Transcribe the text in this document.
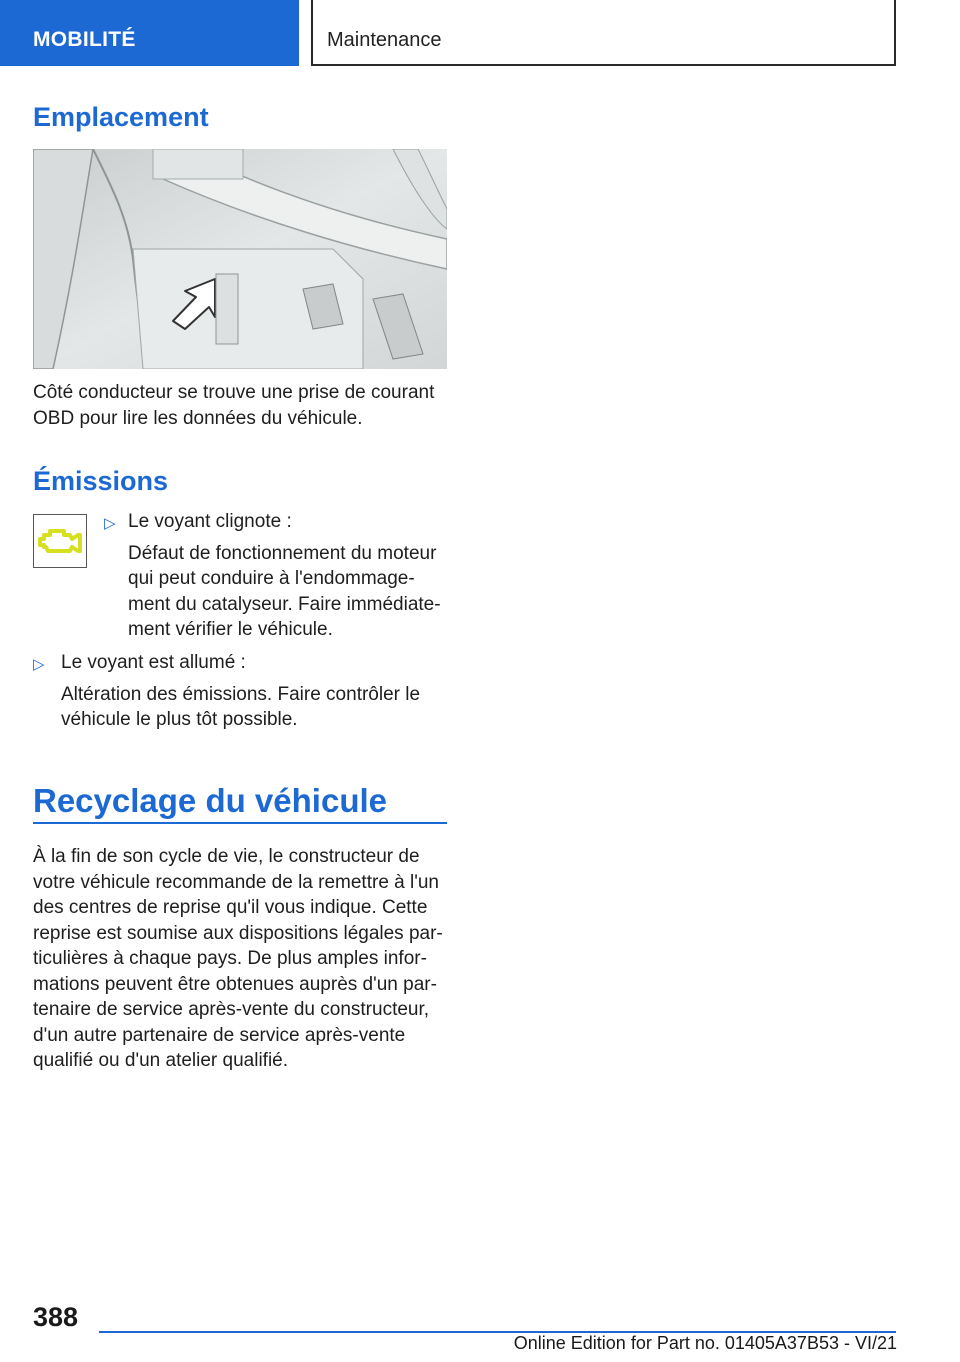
MOBILITÉ	Maintenance
Emplacement
Côté conducteur se trouve une prise de courant
OBD pour lire les données du véhicule.
Émissions
▷ Le voyant clignote :
Défaut de fonctionnement du moteur
qui peut conduire à l'endommage-
ment du catalyseur. Faire immédiate-
ment vérifier le véhicule.
▷ Le voyant est allumé :
Altération des émissions. Faire contrôler le
véhicule le plus tôt possible.
Recyclage du véhicule
À la fin de son cycle de vie, le constructeur de
votre véhicule recommande de la remettre à l'un
des centres de reprise qu'il vous indique. Cette
reprise est soumise aux dispositions légales par-
ticulières à chaque pays. De plus amples infor-
mations peuvent être obtenues auprès d'un par-
tenaire de service après-vente du constructeur,
d'un autre partenaire de service après-vente
qualifié ou d'un atelier qualifié.
388
Online Edition for Part no. 01405A37B53 - VI/21
